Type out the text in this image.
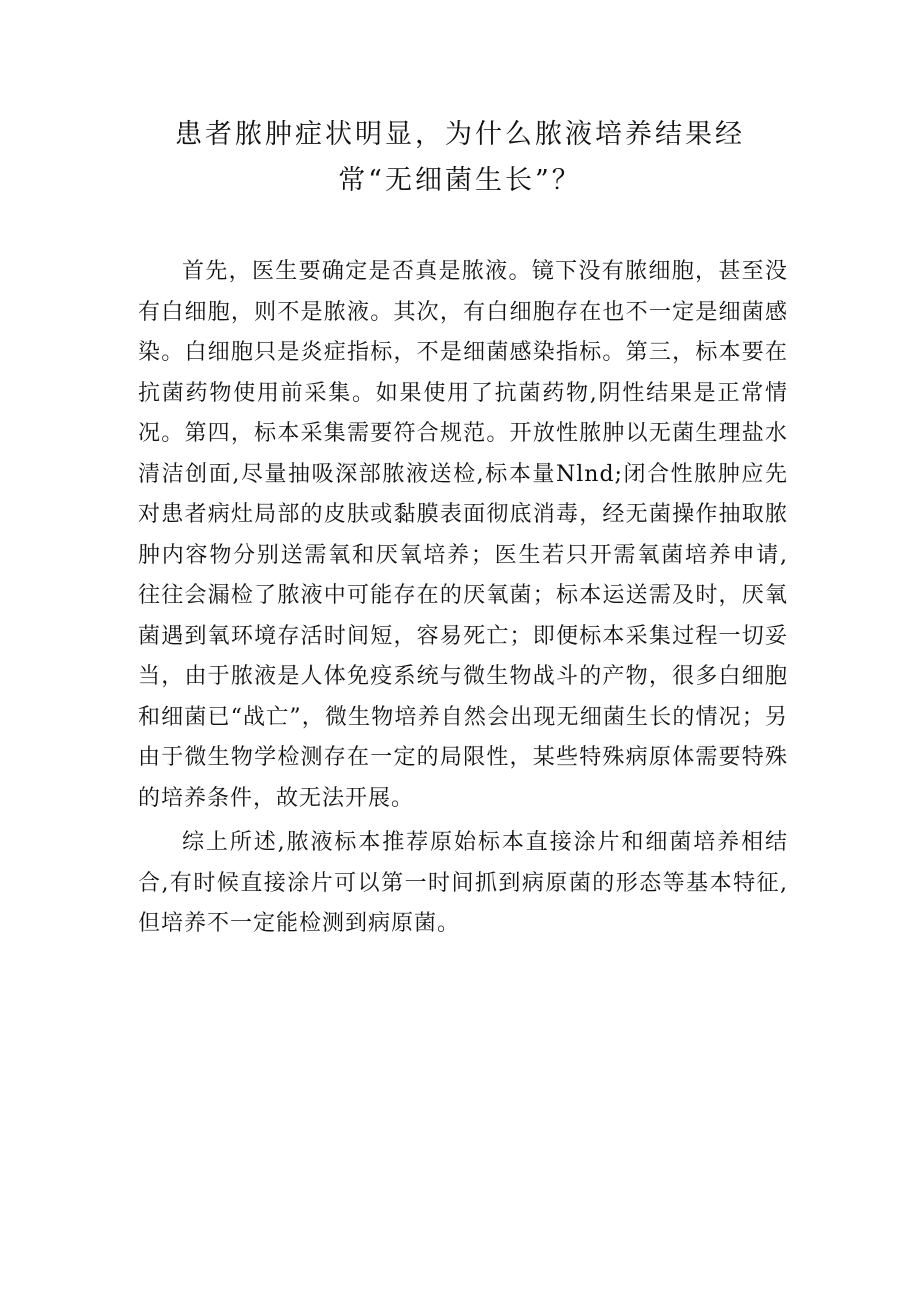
患者脓肿症状明显，为什么脓液培养结果经常“无细菌生长”？

首先，医生要确定是否真是脓液。镜下没有脓细胞，甚至没有白细胞，则不是脓液。其次，有白细胞存在也不一定是细菌感染。白细胞只是炎症指标，不是细菌感染指标。第三，标本要在抗菌药物使用前采集。如果使用了抗菌药物,阴性结果是正常情况。第四，标本采集需要符合规范。开放性脓肿以无菌生理盐水清洁创面,尽量抽吸深部脓液送检,标本量Nlnd;闭合性脓肿应先对患者病灶局部的皮肤或黏膜表面彻底消毒，经无菌操作抽取脓肿内容物分别送需氧和厌氧培养；医生若只开需氧菌培养申请,往往会漏检了脓液中可能存在的厌氧菌；标本运送需及时，厌氧菌遇到氧环境存活时间短，容易死亡；即便标本采集过程一切妥当，由于脓液是人体免疫系统与微生物战斗的产物，很多白细胞和细菌已“战亡”，微生物培养自然会出现无细菌生长的情况；另由于微生物学检测存在一定的局限性，某些特殊病原体需要特殊的培养条件，故无法开展。

综上所述,脓液标本推荐原始标本直接涂片和细菌培养相结合,有时候直接涂片可以第一时间抓到病原菌的形态等基本特征,但培养不一定能检测到病原菌。
